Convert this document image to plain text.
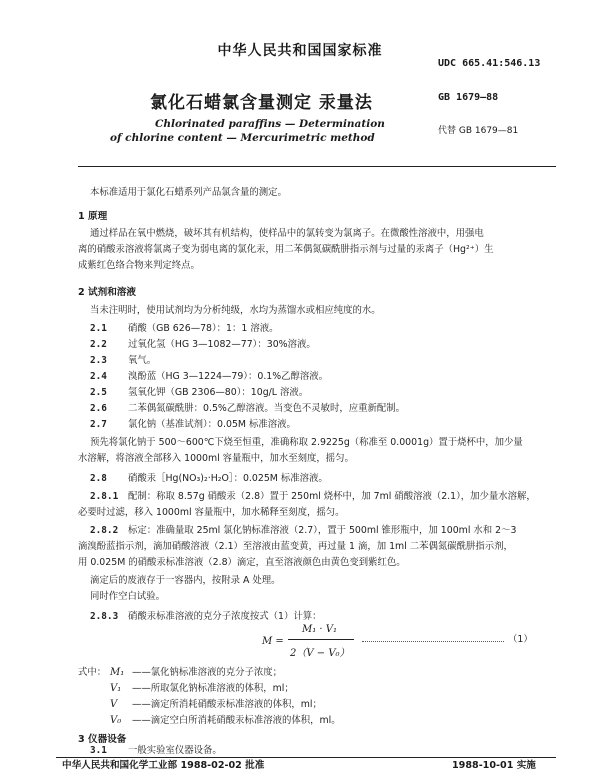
中华人民共和国国家标准
UDC 665.41:546.13
氯化石蜡氯含量测定 汞量法	GB 1679—88
Chlorinated paraffins — Determination
of chlorine content — Mercurimetric method
代替 GB 1679—81
本标准适用于氯化石蜡系列产品氯含量的测定。
1 原理
通过样品在氧中燃烧，破坏其有机结构，使样品中的氯转变为氯离子。在微酸性溶液中，用强电
离的硝酸汞溶液将氯离子变为弱电离的氯化汞，用二苯偶氮碳酰肼指示剂与过量的汞离子（Hg²⁺）生
成紫红色络合物来判定终点。
2 试剂和溶液
当未注明时，使用试剂均为分析纯级，水均为蒸馏水或相应纯度的水。
2.1 硝酸（GB 626—78）：1：1 溶液。
2.2 过氧化氢（HG 3—1082—77）：30%溶液。
2.3 氧气。
2.4 溴酚蓝（HG 3—1224—79）：0.1%乙醇溶液。
2.5 氢氧化钾（GB 2306—80）：10g/L 溶液。
2.6 二苯偶氮碳酰肼：0.5%乙醇溶液。当变色不灵敏时，应重新配制。
2.7 氯化钠（基准试剂）：0.05M 标准溶液。
预先将氯化钠于 500～600℃下烧至恒重，准确称取 2.9225g（称准至 0.0001g）置于烧杯中，加少量
水溶解，将溶液全部移入 1000ml 容量瓶中，加水至刻度，摇匀。
2.8 硝酸汞［Hg(NO₃)₂·H₂O］：0.025M 标准溶液。
2.8.1 配制：称取 8.57g 硝酸汞（2.8）置于 250ml 烧杯中，加 7ml 硝酸溶液（2.1），加少量水溶解，
必要时过滤，移入 1000ml 容量瓶中，加水稀释至刻度，摇匀。
2.8.2 标定：准确量取 25ml 氯化钠标准溶液（2.7），置于 500ml 锥形瓶中，加 100ml 水和 2～3
滴溴酚蓝指示剂，滴加硝酸溶液（2.1）至溶液由蓝变黄，再过量 1 滴，加 1ml 二苯偶氮碳酰肼指示剂，
用 0.025M 的硝酸汞标准溶液（2.8）滴定，直至溶液颜色由黄色变到紫红色。
滴定后的废液存于一容器内，按附录 A 处理。
同时作空白试验。
2.8.3 硝酸汞标准溶液的克分子浓度按式（1）计算：
M =
M₁ · V₁
2（V − V₀）
（1）
式中： M₁ ——氯化钠标准溶液的克分子浓度；
V₁ ——所取氯化钠标准溶液的体积，ml；
V ——滴定所消耗硝酸汞标准溶液的体积，ml；
V₀ ——滴定空白所消耗硝酸汞标准溶液的体积，ml。
3 仪器设备
3.1 一般实验室仪器设备。
中华人民共和国化学工业部 1988-02-02 批准	1988-10-01 实施
